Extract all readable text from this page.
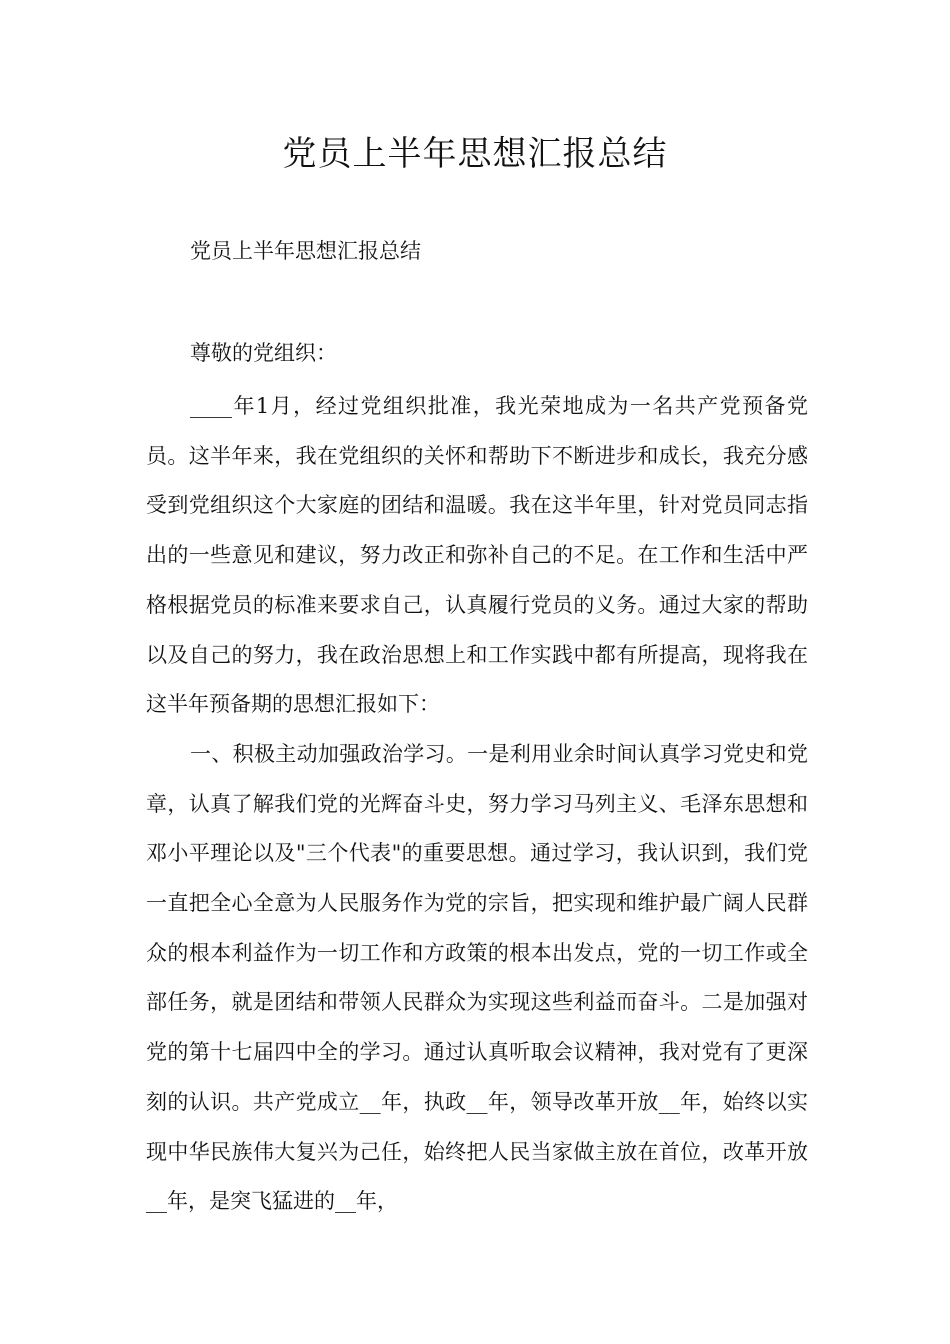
党员上半年思想汇报总结
党员上半年思想汇报总结
尊敬的党组织：

____年1月，经过党组织批准，我光荣地成为一名共产党预备党员。这半年来，我在党组织的关怀和帮助下不断进步和成长，我充分感受到党组织这个大家庭的团结和温暖。我在这半年里，针对党员同志指出的一些意见和建议，努力改正和弥补自己的不足。在工作和生活中严格根据党员的标准来要求自己，认真履行党员的义务。通过大家的帮助以及自己的努力，我在政治思想上和工作实践中都有所提高，现将我在这半年预备期的思想汇报如下：

一、积极主动加强政治学习。一是利用业余时间认真学习党史和党章，认真了解我们党的光辉奋斗史，努力学习马列主义、毛泽东思想和邓小平理论以及"三个代表"的重要思想。通过学习，我认识到，我们党一直把全心全意为人民服务作为党的宗旨，把实现和维护最广阔人民群众的根本利益作为一切工作和方政策的根本出发点，党的一切工作或全部任务，就是团结和带领人民群众为实现这些利益而奋斗。二是加强对党的第十七届四中全的学习。通过认真听取会议精神，我对党有了更深刻的认识。共产党成立__年，执政__年，领导改革开放__年，始终以实现中华民族伟大复兴为己任，始终把人民当家做主放在首位，改革开放__年，是突飞猛进的__年，
